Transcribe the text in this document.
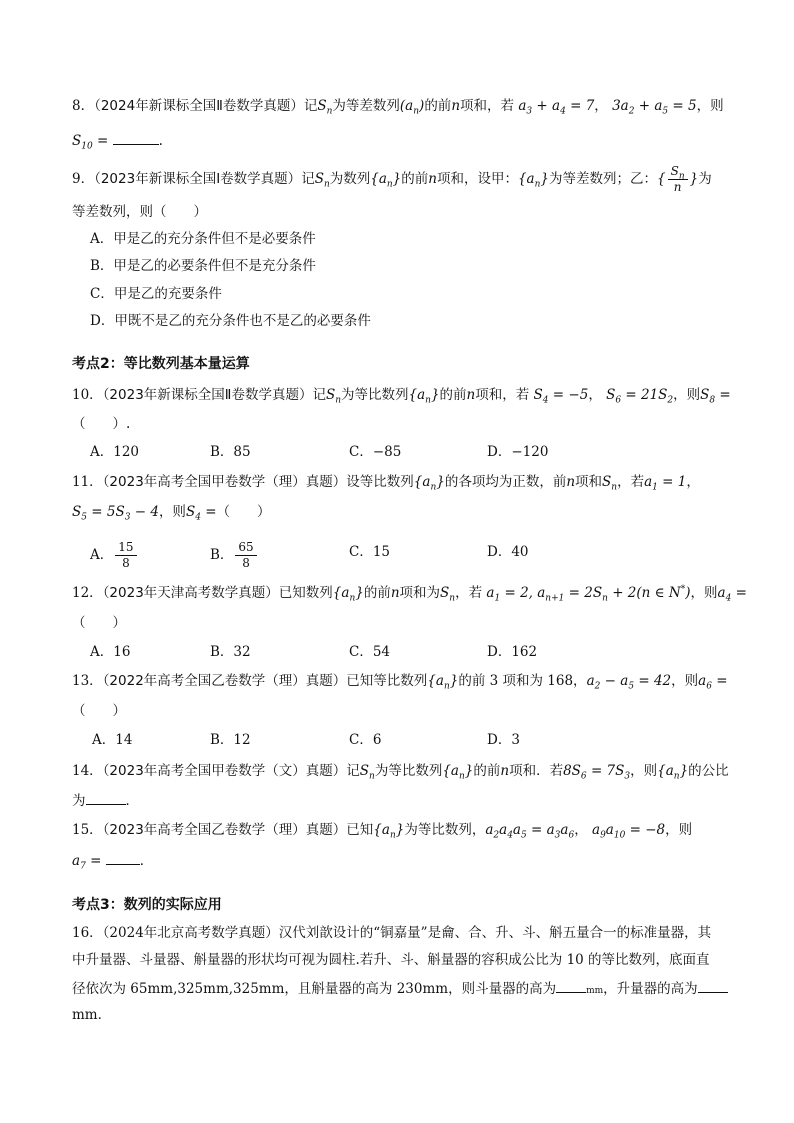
8．（2024年新课标全国Ⅱ卷数学真题）记$S_n$为等差数列$(a_n)$的前n项和，若 $a_3 + a_4 = 7$， $3a_2 + a_5 = 5$，则
$S_{10}$ =	.
9．（2023年新课标全国Ⅰ卷数学真题）记$S_n$为数列$\{a_n\}$的前n项和，设甲：$\{a_n\}$为等差数列；乙：{ $\frac{S_n}{n}$ }为
等差数列，则（　　）
A．甲是乙的充分条件但不是必要条件
B．甲是乙的必要条件但不是充分条件
C．甲是乙的充要条件
D．甲既不是乙的充分条件也不是乙的必要条件
考点2：等比数列基本量运算
10．（2023年新课标全国Ⅱ卷数学真题）记$S_n$为等比数列$\{a_n\}$的前n项和，若 $S_4 = -5$， $S_6 = 21S_2$，则$S_8$ =
（　　）.
A．120	B．85	C．−85	D．−120
11．（2023年高考全国甲卷数学（理）真题）设等比数列$\{a_n\}$的各项均为正数，前n项和$S_n$，若$a_1 = 1$，
$S_5 = 5S_3 - 4$，则$S_4$ =（　　）
A． $\frac{15}{8}$	B． $\frac{65}{8}$	C．15	D．40
12．（2023年天津高考数学真题）已知数列$\{a_n\}$的前n项和为$S_n$，若 $a_1 = 2$, $a_{n+1} = 2S_n + 2(n$ ∈ N*)，则$a_4$ =
（　　）
A．16	B．32	C．54	D．162
13．（2022年高考全国乙卷数学（理）真题）已知等比数列$\{a_n\}$的前 3 项和为 168，$a_2 - a_5 = 42$，则$a_6$ =
（　　）
A．14	B．12	C．6	D．3
14．（2023年高考全国甲卷数学（文）真题）记$S_n$为等比数列$\{a_n\}$的前n项和．若$8S_6 = 7S_3$，则$\{a_n\}$的公比
为	．
15．（2023年高考全国乙卷数学（理）真题）已知$\{a_n\}$为等比数列，$a_2a_4a_5 = a_3a_6$， $a_9a_{10} = -8$，则
$a_7$ =	．
考点3：数列的实际应用
16．（2024年北京高考数学真题）汉代刘歆设计的“铜嘉量”是龠、合、升、斗、斛五量合一的标准量器，其
中升量器、斗量器、斛量器的形状均可视为圆柱.若升、斗、斛量器的容积成公比为 10 的等比数列，底面直
径依次为 65mm,325mm,325mm，且斛量器的高为 230mm，则斗量器的高为	mm，升量器的高为
mm．
